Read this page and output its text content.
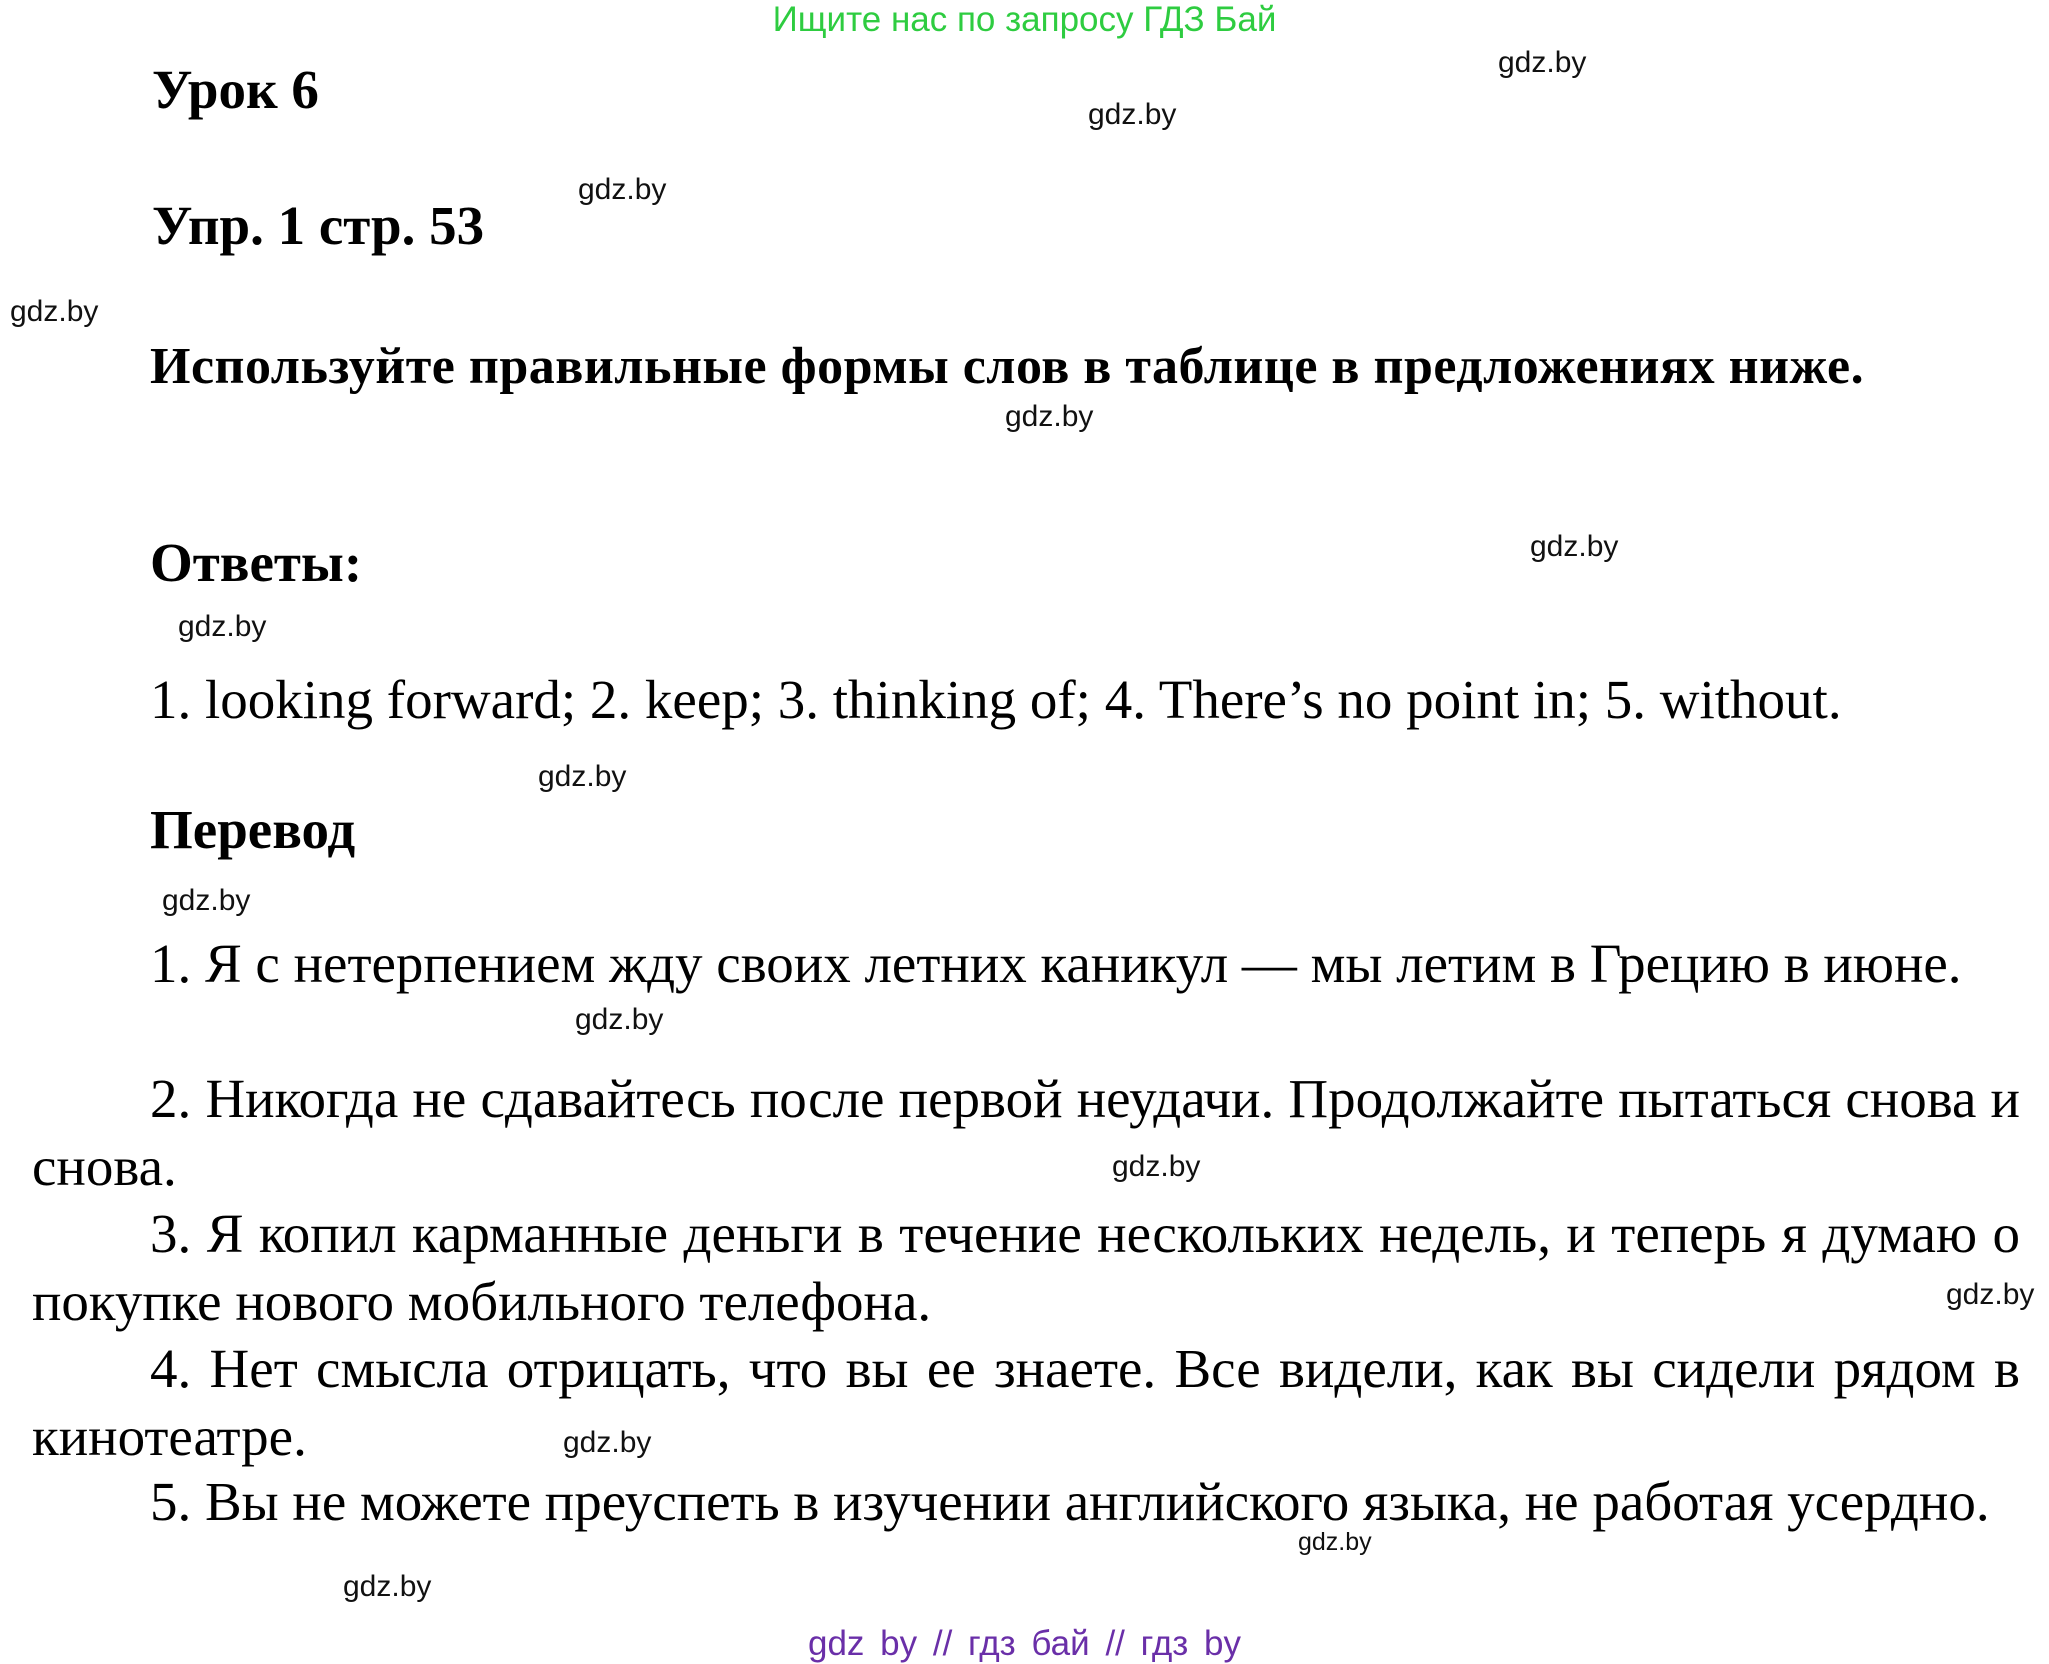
Ищите нас по запросу ГДЗ Бай
Урок 6
Упр. 1 стр. 53
Используйте правильные формы слов в таблице в предложениях ниже.
Ответы:
1. looking forward; 2. keep; 3. thinking of; 4. There’s no point in; 5. without.
Перевод
1. Я с нетерпением жду своих летних каникул — мы летим в Грецию в июне.
2. Никогда не сдавайтесь после первой неудачи. Продолжайте пытаться снова и снова.
3. Я копил карманные деньги в течение нескольких недель, и теперь я думаю о покупке нового мобильного телефона.
4. Нет смысла отрицать, что вы ее знаете. Все видели, как вы сидели рядом в кинотеатре.
5. Вы не можете преуспеть в изучении английского языка, не работая усердно.
gdz.by
gdz.by
gdz.by
gdz.by
gdz.by
gdz.by
gdz.by
gdz.by
gdz.by
gdz.by
gdz.by
gdz.by
gdz.by
gdz.by
gdz.by
gdz by // гдз бай // гдз by
